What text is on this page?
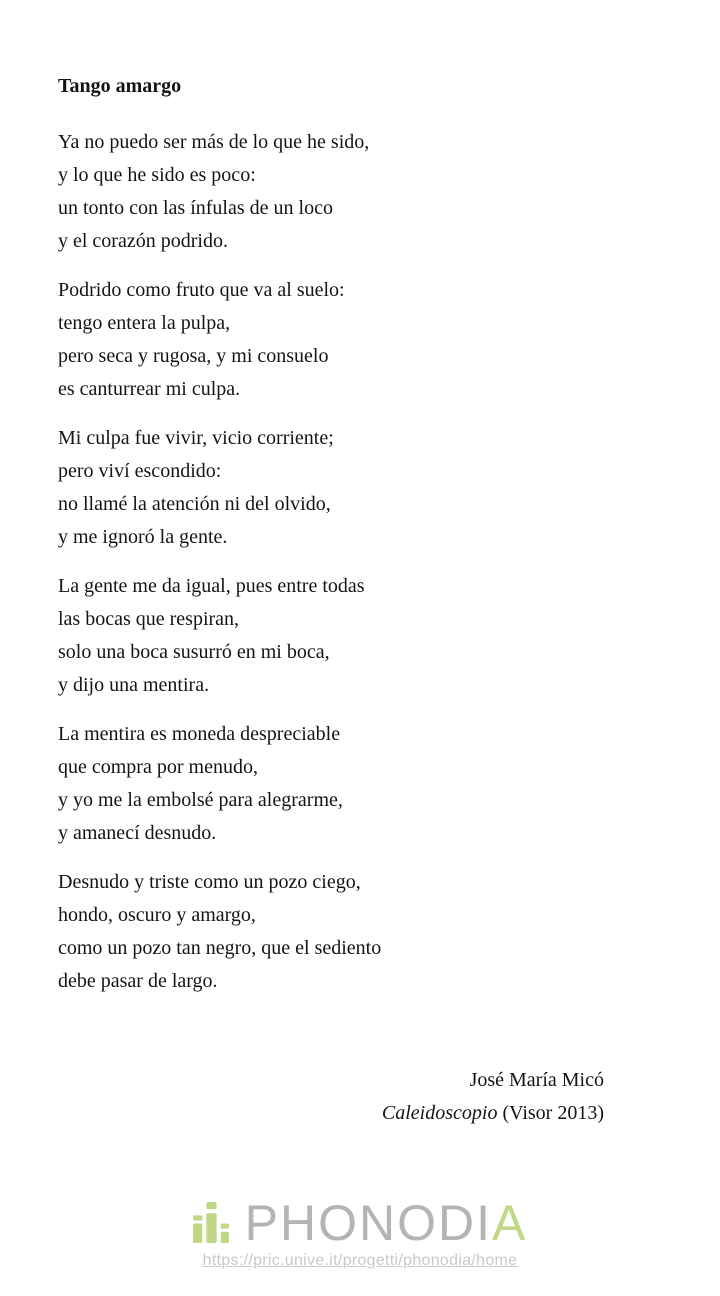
Tango amargo

Ya no puedo ser más de lo que he sido,
y lo que he sido es poco:
un tonto con las ínfulas de un loco
y el corazón podrido.

Podrido como fruto que va al suelo:
tengo entera la pulpa,
pero seca y rugosa, y mi consuelo
es canturrear mi culpa.

Mi culpa fue vivir, vicio corriente;
pero viví escondido:
no llamé la atención ni del olvido,
y me ignoró la gente.

La gente me da igual, pues entre todas
las bocas que respiran,
solo una boca susurró en mi boca,
y dijo una mentira.

La mentira es moneda despreciable
que compra por menudo,
y yo me la embolsé para alegrarme,
y amanecí desnudo.

Desnudo y triste como un pozo ciego,
hondo, oscuro y amargo,
como un pozo tan negro, que el sediento
debe pasar de largo.

José María Micó
Caleidoscopio (Visor 2013)
PHONODIA
https://pric.unive.it/progetti/phonodia/home
